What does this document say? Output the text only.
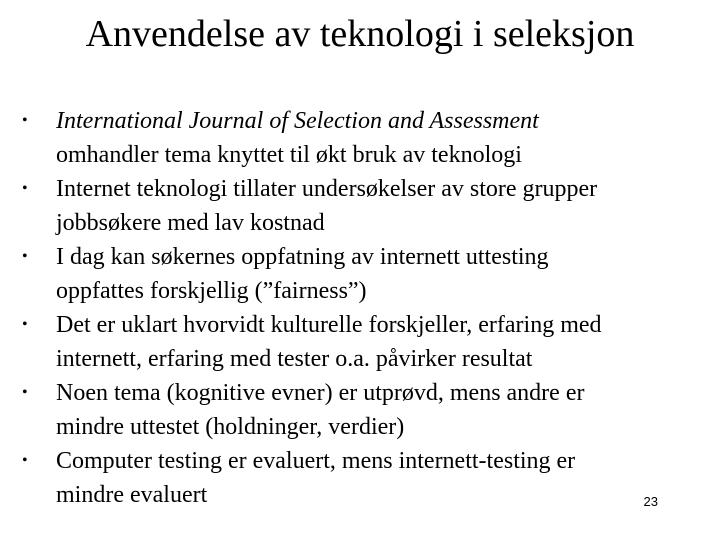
Anvendelse av teknologi i seleksjon
•	International Journal of Selection and Assessment
omhandler tema knyttet til økt bruk av teknologi
•	Internet teknologi tillater undersøkelser av store grupper
jobbsøkere med lav kostnad
•	I dag kan søkernes oppfatning av internett uttesting
oppfattes forskjellig (”fairness”)
•	Det er uklart hvorvidt kulturelle forskjeller, erfaring med
internett, erfaring med tester o.a. påvirker resultat
•	Noen tema (kognitive evner) er utprøvd, mens andre er
mindre uttestet (holdninger, verdier)
•	Computer testing er evaluert, mens internett-testing er
mindre evaluert	23
